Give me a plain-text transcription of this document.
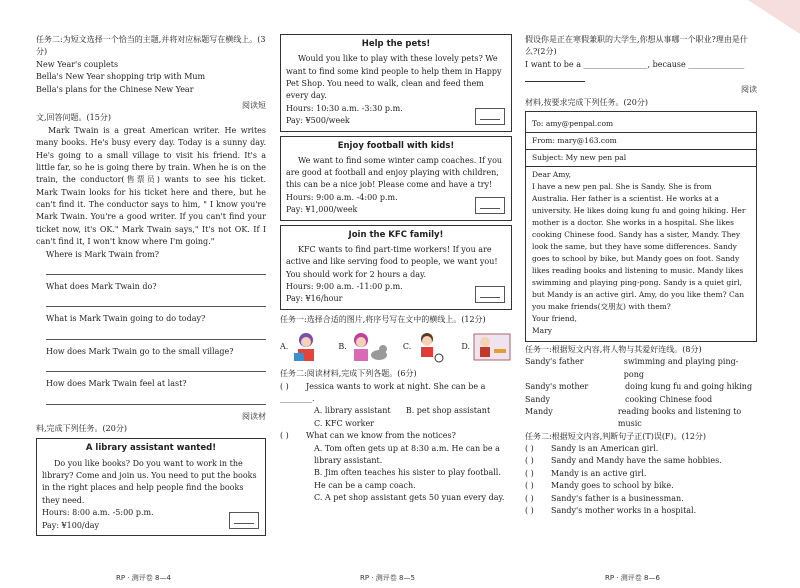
任务二:为短文选择一个恰当的主题,并将对应标题写在横线上。(3分)

New Year's couplets

Bella's New Year shopping trip with Mum

Bella's plans for the Chinese New Year

阅读短

文,回答问题。(15分)

Mark Twain is a great American writer. He writes many books. He's busy every day. Today is a sunny day. He's going to a small village to visit his friend. It's a little far, so he is going there by train. When he is on the train, the conductor(售票员) wants to see his ticket. Mark Twain looks for his ticket here and there, but he can't find it. The conductor says to him, " I know you're Mark Twain. You're a good writer. If you can't find your ticket now, it's OK." Mark Twain says," It's not OK. If I can't find it, I won't know where I'm going."

Where is Mark Twain from?

What does Mark Twain do?

What is Mark Twain going to do today?

How does Mark Twain go to the small village?

How does Mark Twain feel at last?

阅读材

料,完成下列任务。(20分)

A library assistant wanted!

Do you like books? Do you want to work in the library? Come and join us. You need to put the books in the right places and help people find the books they need.

Hours: 8:00 a.m. -5:00 p.m.

Pay: ¥100/day

RP · 测评卷 8—4
Help the pets!

Would you like to play with these lovely pets? We want to find some kind people to help them in Happy Pet Shop. You need to walk, clean and feed them every day.

Hours: 10:30 a.m. -3:30 p.m.

Pay: ¥500/week

Enjoy football with kids!

We want to find some winter camp coaches. If you are good at football and enjoy playing with children, this can be a nice job! Please come and have a try!

Hours: 9:00 a.m. -4:00 p.m.

Pay: ¥1,000/week

Join the KFC family!

KFC wants to find part-time workers! If you are active and like serving food to people, we want you! You should work for 2 hours a day.

Hours: 9:00 a.m. -11:00 p.m.

Pay: ¥16/hour

任务一:选择合适的图片,将序号写在文中的横线上。(12分)

A.	B.	C.	D.

任务二:阅读材料,完成下列各题。(6分)

( ) Jessica wants to work at night. She can be a ________.

A. library assistant B. pet shop assistant

C. KFC worker

( ) What can we know from the notices?

A. Tom often gets up at 8:30 a.m. He can be a library assistant.

B. Jim often teaches his sister to play football. He can be a camp coach.

C. A pet shop assistant gets 50 yuan every day.

RP · 测评卷 8—5

假设你是正在寒假兼职的大学生,你想从事哪一个职业?理由是什么?(2分)

I want to be a ________________, because ______________

阅读

材料,按要求完成下列任务。(20分)

To: amy@penpal.com
From: mary@163.com
Subject: My new pen pal

Dear Amy,

I have a new pen pal. She is Sandy. She is from Australia. Her father is a scientist. He works at a university. He likes doing kung fu and going hiking. Her mother is a doctor. She works in a hospital. She likes cooking Chinese food. Sandy has a sister, Mandy. They look the same, but they have some differences. Sandy goes to school by bike, but Mandy goes on foot. Sandy likes reading books and listening to music. Mandy likes swimming and playing ping-pong. Sandy is a quiet girl, but Mandy is an active girl. Amy, do you like them? Can you make friends(交朋友) with them?

Your friend,

Mary

任务一:根据短文内容,将人物与其爱好连线。(8分)

Sandy's father	swimming and playing ping-pong
Sandy's mother	doing kung fu and going hiking
Sandy	cooking Chinese food
Mandy	reading books and listening to music

任务二:根据短文内容,判断句子正(T)误(F)。(12分)

( ) Sandy is an American girl.

( ) Sandy and Mandy have the same hobbies.

( ) Mandy is an active girl.

( ) Mandy goes to school by bike.

( ) Sandy's father is a businessman.

( ) Sandy's mother works in a hospital.

RP · 测评卷 8—6
